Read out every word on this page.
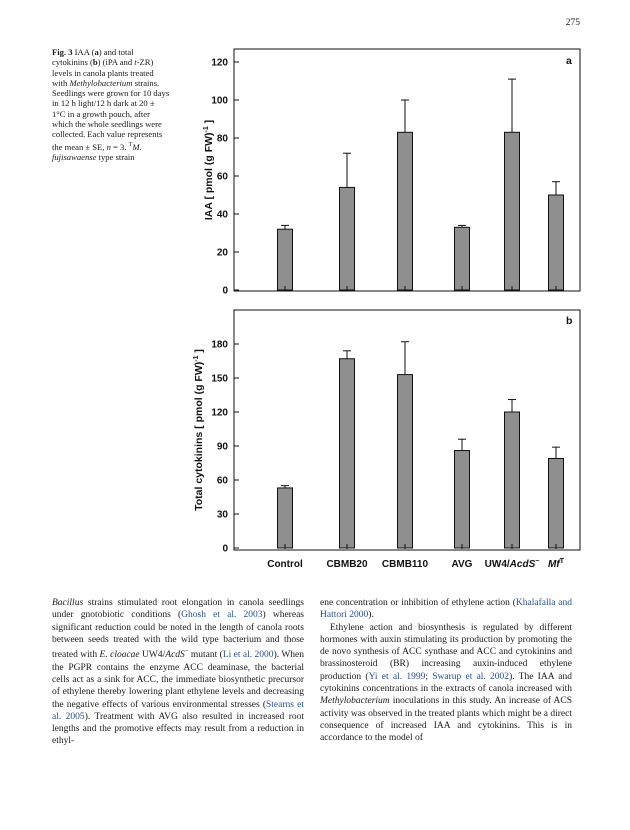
275
Fig. 3 IAA (a) and total cytokinins (b) (iPA and t-ZR) levels in canola plants treated with Methylobacterium strains. Seedlings were grown for 10 days in 12 h light/12 h dark at 20 ± 1°C in a growth pouch, after which the whole seedlings were collected. Each value represents the mean ± SE, n = 3. $^T$M. fujisawaense type strain
a
0
20
40
60
80
100
120
IAA [ pmol (g FW)$^{-1}$ ]
b
0
30
60
90
120
150
180
Total cytokinins [ pmol (g FW)$^{-1}$ ]
Control CBMB20 CBMB110 AVG UW4/AcdS− $Mf^T$

Bacillus strains stimulated root elongation in canola seedlings under gnotobiotic conditions (Ghosh et al. 2003) whereas significant reduction could be noted in the length of canola roots between seeds treated with the wild type bacterium and those treated with E. cloacae UW4/AcdS− mutant (Li et al. 2000). When the PGPR contains the enzyme ACC deaminase, the bacterial cells act as a sink for ACC, the immediate biosynthetic precursor of ethylene thereby lowering plant ethylene levels and decreasing the negative effects of various environmental stresses (Stearns et al. 2005). Treatment with AVG also resulted in increased root lengths and the promotive effects may result from a reduction in ethyl-

ene concentration or inhibition of ethylene action (Khalafalla and Hattori 2000).

Ethylene action and biosynthesis is regulated by different hormones with auxin stimulating its production by promoting the de novo synthesis of ACC synthase and ACC and cytokinins and brassinosteroid (BR) increasing auxin-induced ethylene production (Yi et al. 1999; Swarup et al. 2002). The IAA and cytokinins concentrations in the extracts of canola increased with Methylobacterium inoculations in this study. An increase of ACS activity was observed in the treated plants which might be a direct consequence of increased IAA and cytokinins. This is in accordance to the model of
